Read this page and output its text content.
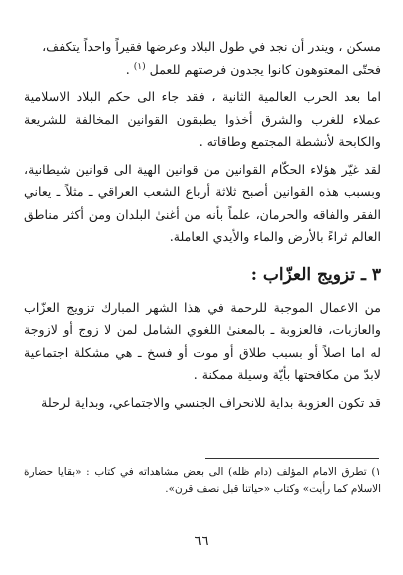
مسكن ، ويندر أن نجد في طول البلاد وعرضها فقيراً واحداً يتكفف،
فحتّى المعتوهون كانوا يجدون فرصتهم للعمل $^{(١)}$ .

اما بعد الحرب العالمية الثانية ، فقد جاء الى حكم البلاد الاسلامية عملاء للغرب والشرق أخذوا يطبقون القوانين المخالفة للشريعة والكابحة لأنشطة المجتمع وطاقاته .

لقد غيّر هؤلاء الحكّام القوانين من قوانين الهية الى قوانين شيطانية، وبسبب هذه القوانين أصبح ثلاثة أرباع الشعب العراقي ـ مثلاً ـ يعاني الفقر والفاقه والحرمان، علماً بأنه من أغنىٰ البلدان ومن أكثر مناطق العالم ثراءً بالأرض والماء والأيدي العاملة.

٣ ـ تزويج العزّاب :

من الاعمال الموجبة للرحمة في هذا الشهر المبارك تزويج العزّاب والعازبات، فالعزوبة ـ بالمعنىٰ اللغوي الشامل لمن لا زوج أو لازوجة له اما اصلاً أو بسبب طلاق أو موت أو فسخ ـ هي مشكلة اجتماعية لابدّ من مكافحتها بأيّة وسيلة ممكنة .

قد تكون العزوبة بداية للانحراف الجنسي والاجتماعي، وبداية لرحلة

١) تطرق الامام المؤلف (دام ظله) الى بعض مشاهداته في كتاب : «بقايا حضارة الاسلام كما رأيت» وكتاب «حياتنا قبل نصف قرن».

٦٦
